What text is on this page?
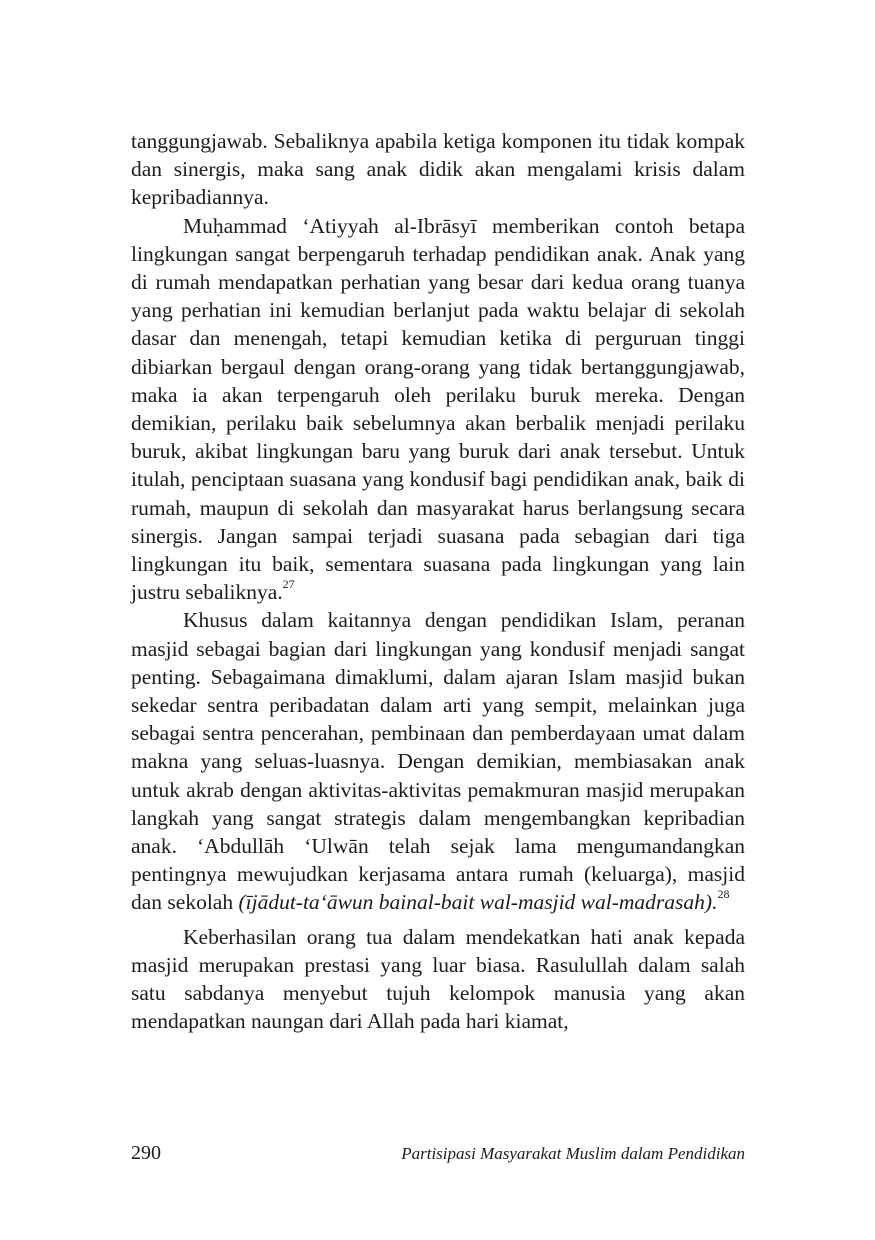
tanggungjawab. Sebaliknya apabila ketiga komponen itu tidak kompak dan sinergis, maka sang anak didik akan mengalami krisis dalam kepribadiannya.

Muḥammad ‘Atiyyah al-Ibrāsyī memberikan contoh betapa lingkungan sangat berpengaruh terhadap pendidikan anak. Anak yang di rumah mendapatkan perhatian yang besar dari kedua orang tuanya yang perhatian ini kemudian berlanjut pada waktu belajar di sekolah dasar dan menengah, tetapi kemudian ketika di perguruan tinggi dibiarkan bergaul dengan orang-orang yang tidak bertanggungjawab, maka ia akan terpengaruh oleh perilaku buruk mereka. Dengan demikian, perilaku baik sebelumnya akan berbalik menjadi perilaku buruk, akibat lingkungan baru yang buruk dari anak tersebut. Untuk itulah, penciptaan suasana yang kondusif bagi pendidikan anak, baik di rumah, maupun di sekolah dan masyarakat harus berlangsung secara sinergis. Jangan sampai terjadi suasana pada sebagian dari tiga lingkungan itu baik, sementara suasana pada lingkungan yang lain justru sebaliknya.$^{27}$

Khusus dalam kaitannya dengan pendidikan Islam, peranan masjid sebagai bagian dari lingkungan yang kondusif menjadi sangat penting. Sebagaimana dimaklumi, dalam ajaran Islam masjid bukan sekedar sentra peribadatan dalam arti yang sempit, melainkan juga sebagai sentra pencerahan, pembinaan dan pemberdayaan umat dalam makna yang seluas-luasnya. Dengan demikian, membiasakan anak untuk akrab dengan aktivitas-aktivitas pemakmuran masjid merupakan langkah yang sangat strategis dalam mengembangkan kepribadian anak. ‘Abdullāh ‘Ulwān telah sejak lama mengumandangkan pentingnya mewujudkan kerjasama antara rumah (keluarga), masjid dan sekolah (ījādut-ta‘āwun bainal-bait wal-masjid wal-madrasah).$^{28}$

Keberhasilan orang tua dalam mendekatkan hati anak kepada masjid merupakan prestasi yang luar biasa. Rasulullah dalam salah satu sabdanya menyebut tujuh kelompok manusia yang akan mendapatkan naungan dari Allah pada hari kiamat,

290	Partisipasi Masyarakat Muslim dalam Pendidikan
